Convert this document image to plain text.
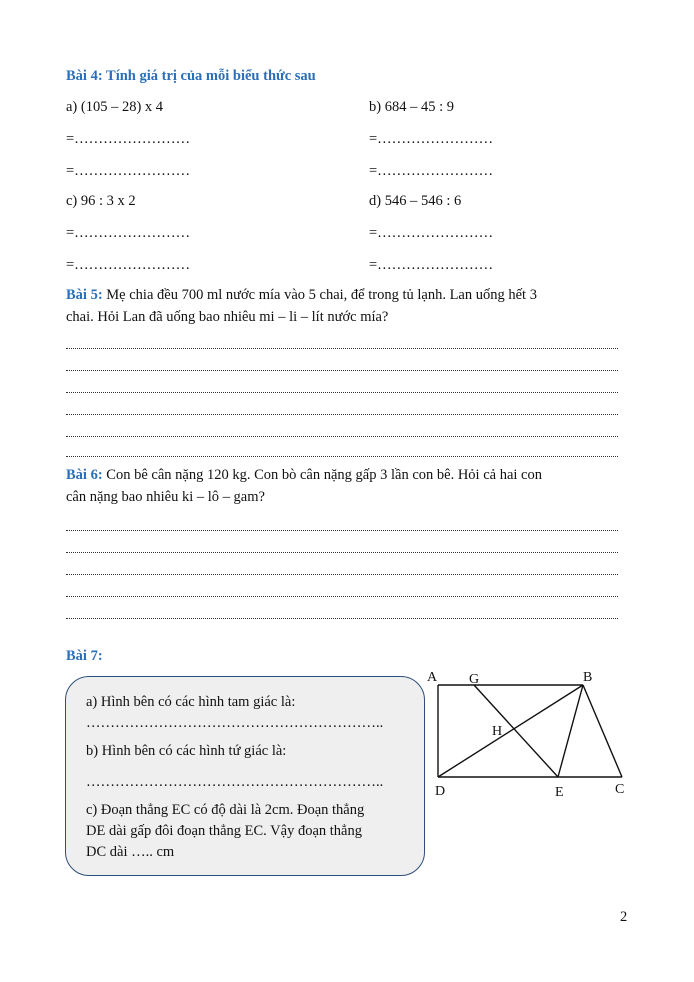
Bài 4: Tính giá trị của mỗi biểu thức sau
a) (105 – 28) x 4	b) 684 – 45 : 9
=……………………	=……………………
=……………………	=……………………
c) 96 : 3 x 2	d) 546 – 546 : 6
=……………………	=……………………
=……………………	=……………………
Bài 5: Mẹ chia đều 700 ml nước mía vào 5 chai, để trong tủ lạnh. Lan uống hết 3
chai. Hỏi Lan đã uống bao nhiêu mi – li – lít nước mía?
Bài 6: Con bê cân nặng 120 kg. Con bò cân nặng gấp 3 lần con bê. Hỏi cả hai con
cân nặng bao nhiêu ki – lô – gam?
Bài 7:
a) Hình bên có các hình tam giác là:
……………………………………………………..
b) Hình bên có các hình tứ giác là:
……………………………………………………..
c) Đoạn thẳng EC có độ dài là 2cm. Đoạn thẳng
DE dài gấp đôi đoạn thẳng EC. Vậy đoạn thẳng
DC dài ….. cm
A G	B
H
D	E	C
2
